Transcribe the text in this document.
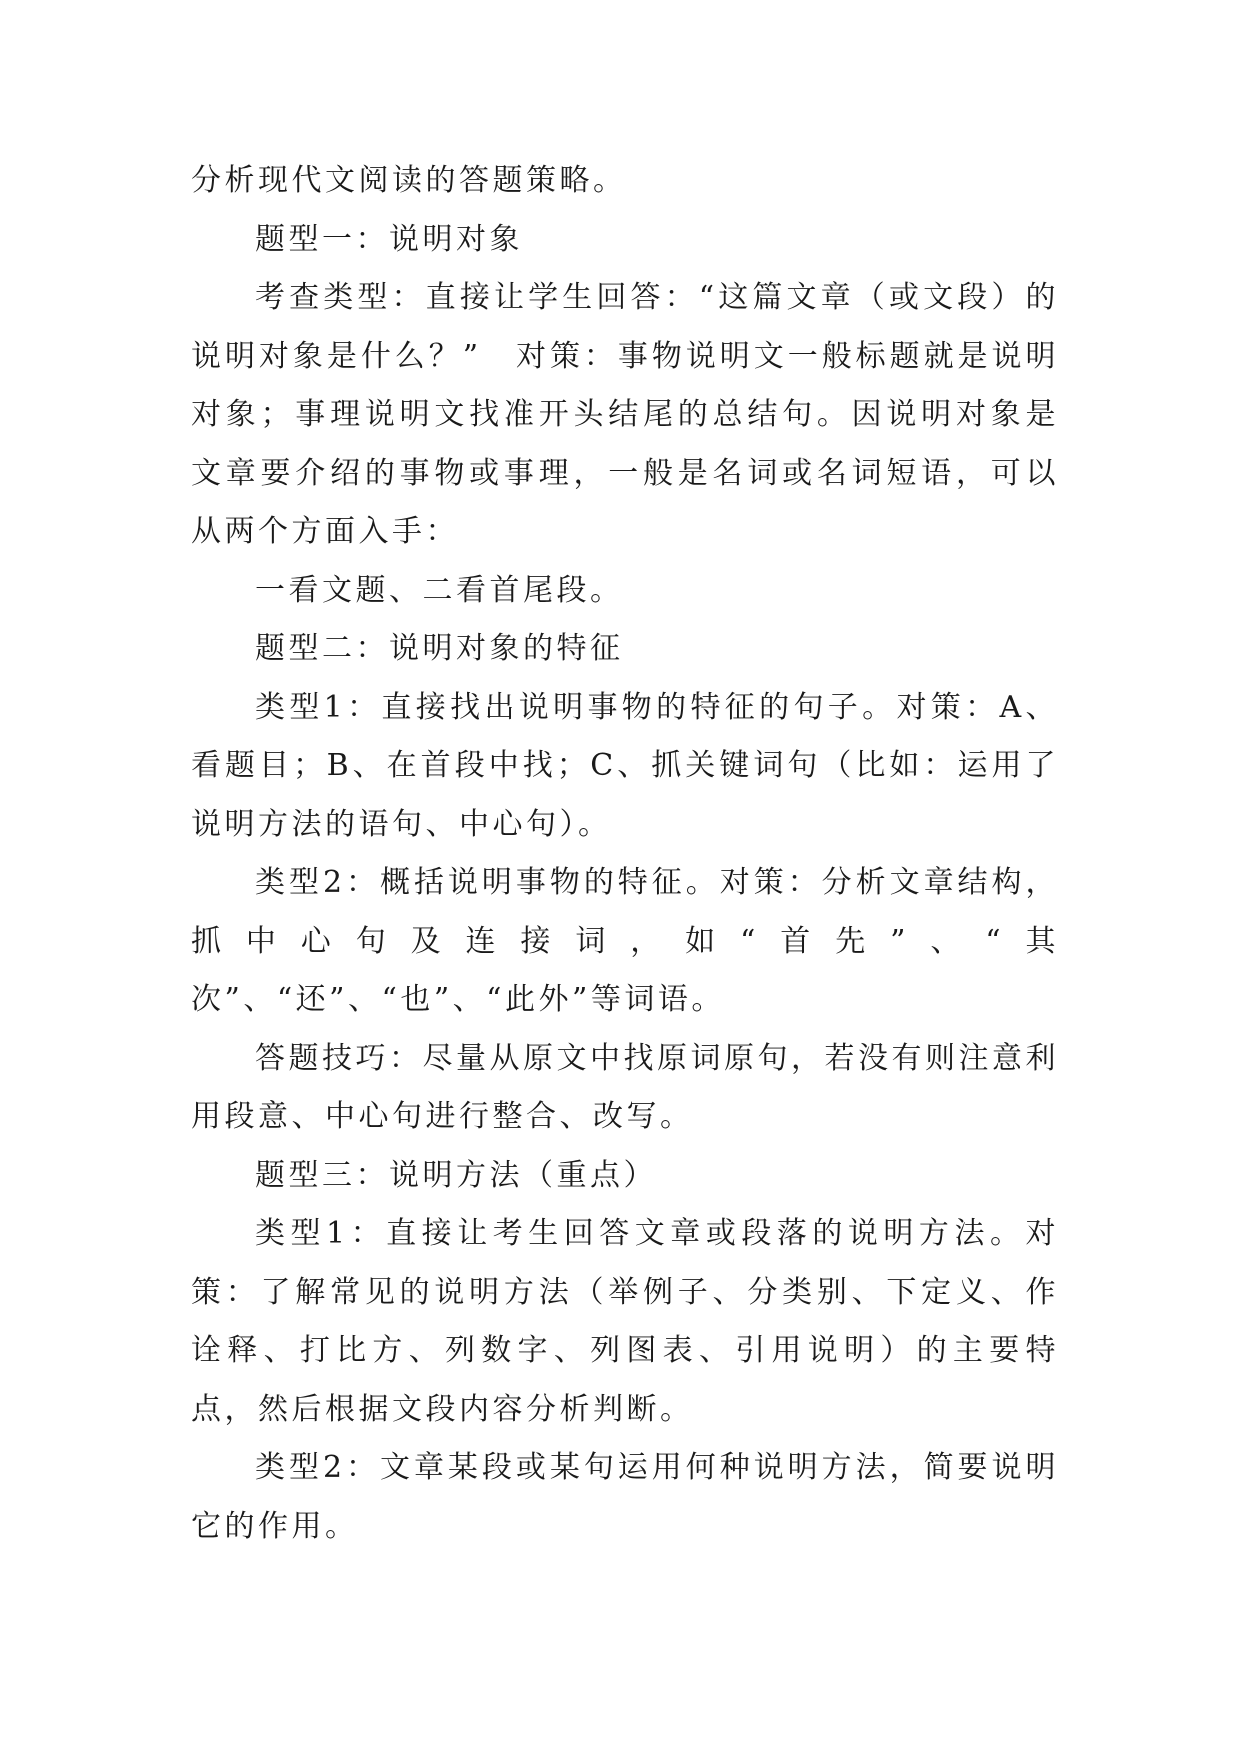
分析现代文阅读的答题策略。

题型一：说明对象

考查类型：直接让学生回答：“这篇文章（或文段）的说明对象是什么？”　对策：事物说明文一般标题就是说明对象；事理说明文找准开头结尾的总结句。因说明对象是文章要介绍的事物或事理，一般是名词或名词短语，可以从两个方面入手：

一看文题、二看首尾段。

题型二：说明对象的特征

类型1：直接找出说明事物的特征的句子。对策：A、看题目；B、在首段中找；C、抓关键词句（比如：运用了说明方法的语句、中心句）。

类型2：概括说明事物的特征。对策：分析文章结构，抓中心句及连接词，如“首先”、“其次”、“还”、“也”、“此外”等词语。

答题技巧：尽量从原文中找原词原句，若没有则注意利用段意、中心句进行整合、改写。

题型三：说明方法（重点）

类型1：直接让考生回答文章或段落的说明方法。对策：了解常见的说明方法（举例子、分类别、下定义、作诠释、打比方、列数字、列图表、引用说明）的主要特点，然后根据文段内容分析判断。

类型2：文章某段或某句运用何种说明方法，简要说明它的作用。
